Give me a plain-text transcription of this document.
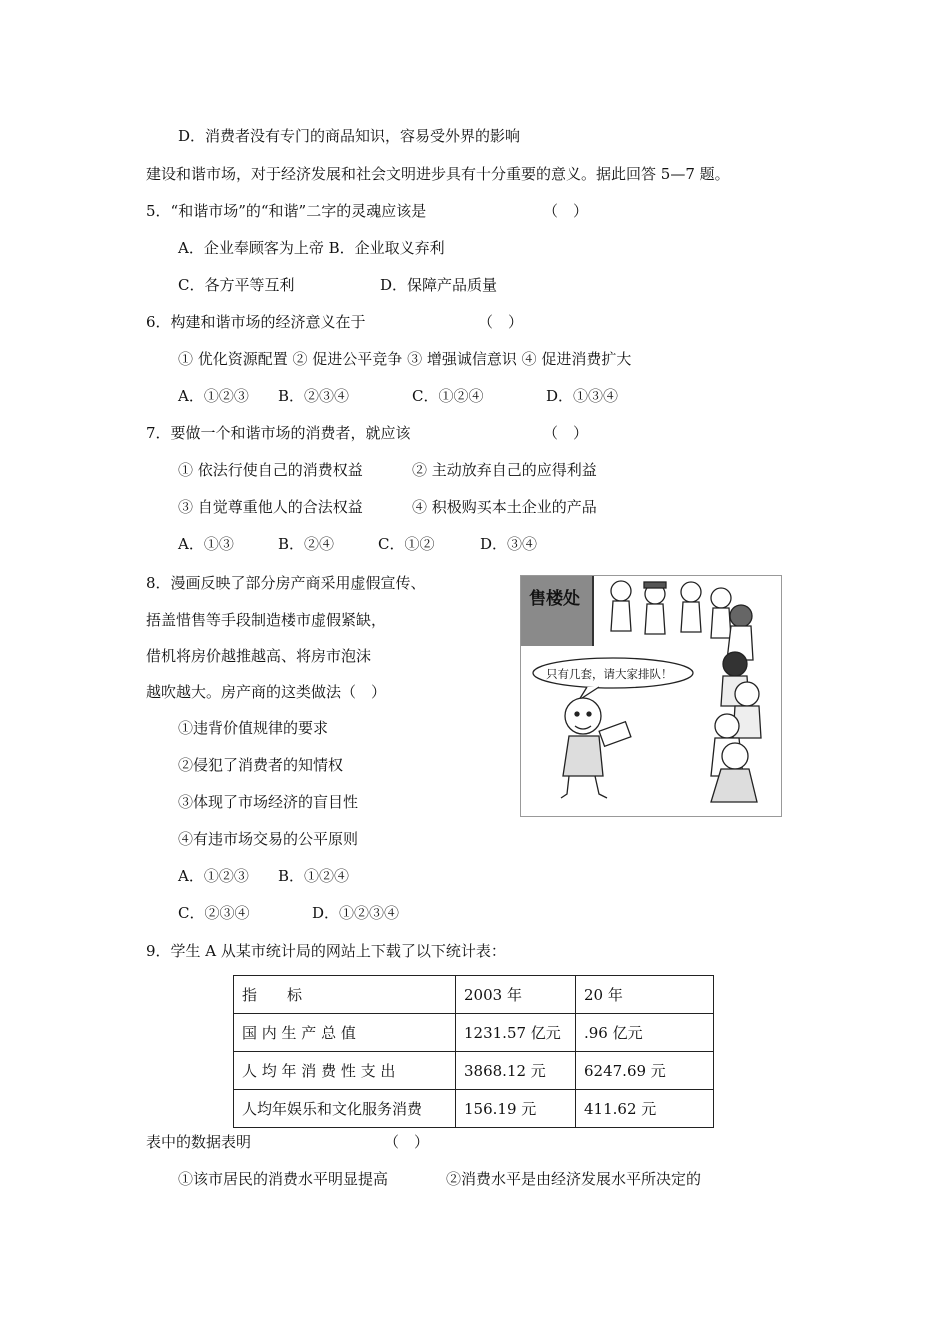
D．消费者没有专门的商品知识，容易受外界的影响
建设和谐市场，对于经济发展和社会文明进步具有十分重要的意义。据此回答 5—7 题。
5．“和谐市场”的“和谐”二字的灵魂应该是	（　）
A．企业奉顾客为上帝 B．企业取义弃利
C．各方平等互利	D．保障产品质量
6．构建和谐市场的经济意义在于	（　）
① 优化资源配置 ② 促进公平竞争 ③ 增强诚信意识 ④ 促进消费扩大
A．①②③ B．②③④	C．①②④	D．①③④
7．要做一个和谐市场的消费者，就应该	（　）
① 依法行使自己的消费权益	② 主动放弃自己的应得利益
③ 自觉尊重他人的合法权益	④ 积极购买本土企业的产品
A．①③	B．②④	C．①②	D．③④
8．漫画反映了部分房产商采用虚假宣传、
捂盖惜售等手段制造楼市虚假紧缺，
借机将房价越推越高、将房市泡沫
越吹越大。房产商的这类做法（　）
①违背价值规律的要求
②侵犯了消费者的知情权
③体现了市场经济的盲目性
④有违市场交易的公平原则
A．①②③ B．①②④
C．②③④	D．①②③④
售楼处
只有几套，请大家排队！
9．学生 A 从某市统计局的网站上下载了以下统计表：
指　　标	2003 年	20 年
国 内 生 产 总 值	1231.57 亿元	.96 亿元
人 均 年 消 费 性 支 出	3868.12 元	6247.69 元
人均年娱乐和文化服务消费	156.19 元	411.62 元
表中的数据表明	（　）
①该市居民的消费水平明显提高	②消费水平是由经济发展水平所决定的
